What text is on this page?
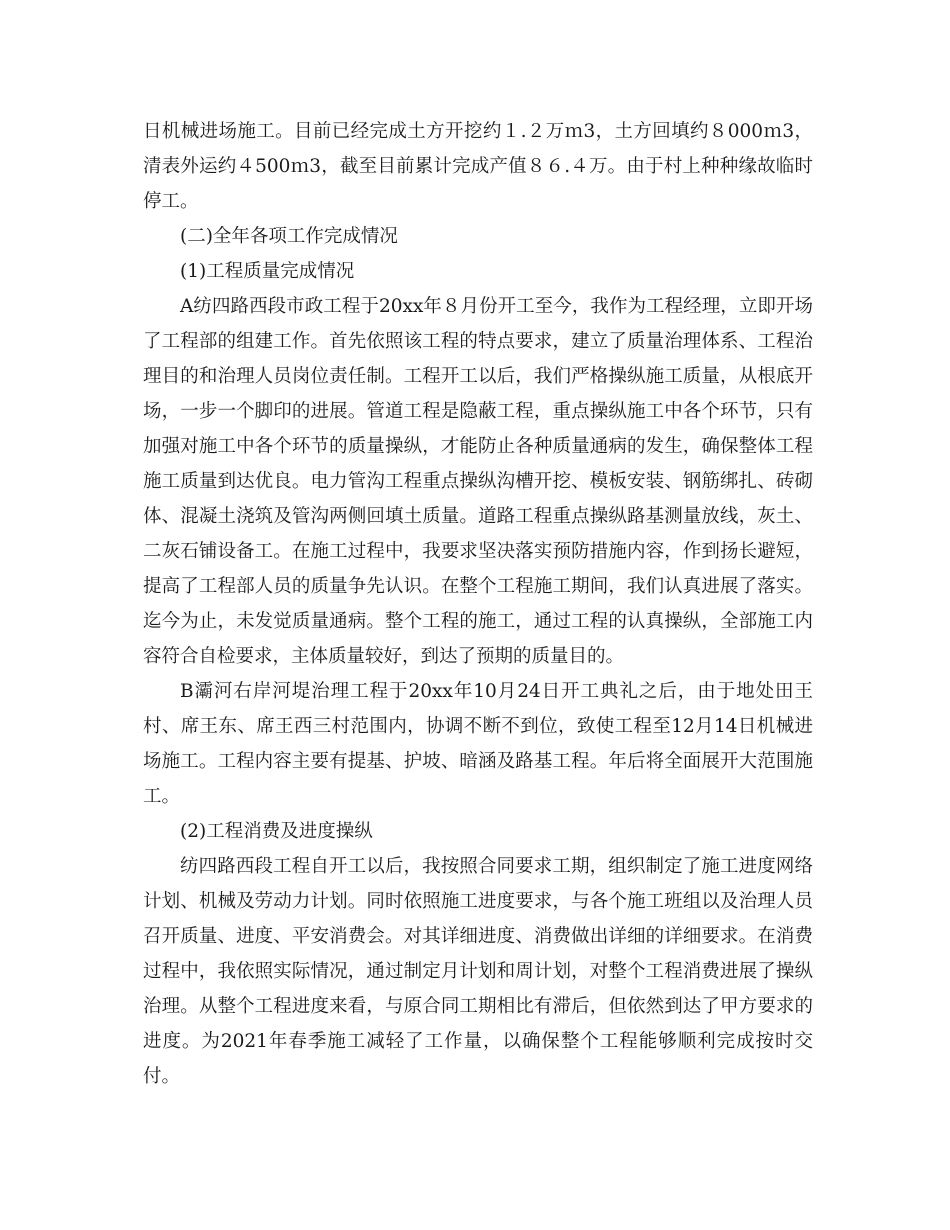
日机械进场施工。目前已经完成土方开挖约１.２万ｍ3，土方回填约８000ｍ3，清表外运约４500ｍ3，截至目前累计完成产值８６.４万。由于村上种种缘故临时停工。

(二)全年各项工作完成情况

(1)工程质量完成情况

A纺四路西段市政工程于20xx年８月份开工至今，我作为工程经理，立即开场了工程部的组建工作。首先依照该工程的特点要求，建立了质量治理体系、工程治理目的和治理人员岗位责任制。工程开工以后，我们严格操纵施工质量，从根底开场，一步一个脚印的进展。管道工程是隐蔽工程，重点操纵施工中各个环节，只有加强对施工中各个环节的质量操纵，才能防止各种质量通病的发生，确保整体工程施工质量到达优良。电力管沟工程重点操纵沟槽开挖、模板安装、钢筋绑扎、砖砌体、混凝土浇筑及管沟两侧回填土质量。道路工程重点操纵路基测量放线，灰土、二灰石铺设备工。在施工过程中，我要求坚决落实预防措施内容，作到扬长避短，提高了工程部人员的质量争先认识。在整个工程施工期间，我们认真进展了落实。迄今为止，未发觉质量通病。整个工程的施工，通过工程的认真操纵，全部施工内容符合自检要求，主体质量较好，到达了预期的质量目的。

B灞河右岸河堤治理工程于20xx年10月24日开工典礼之后，由于地处田王村、席王东、席王西三村范围内，协调不断不到位，致使工程至12月14日机械进场施工。工程内容主要有提基、护坡、暗涵及路基工程。年后将全面展开大范围施工。

(2)工程消费及进度操纵

纺四路西段工程自开工以后，我按照合同要求工期，组织制定了施工进度网络计划、机械及劳动力计划。同时依照施工进度要求，与各个施工班组以及治理人员召开质量、进度、平安消费会。对其详细进度、消费做出详细的详细要求。在消费过程中，我依照实际情况，通过制定月计划和周计划，对整个工程消费进展了操纵治理。从整个工程进度来看，与原合同工期相比有滞后，但依然到达了甲方要求的进度。为2021年春季施工减轻了工作量，以确保整个工程能够顺利完成按时交付。
